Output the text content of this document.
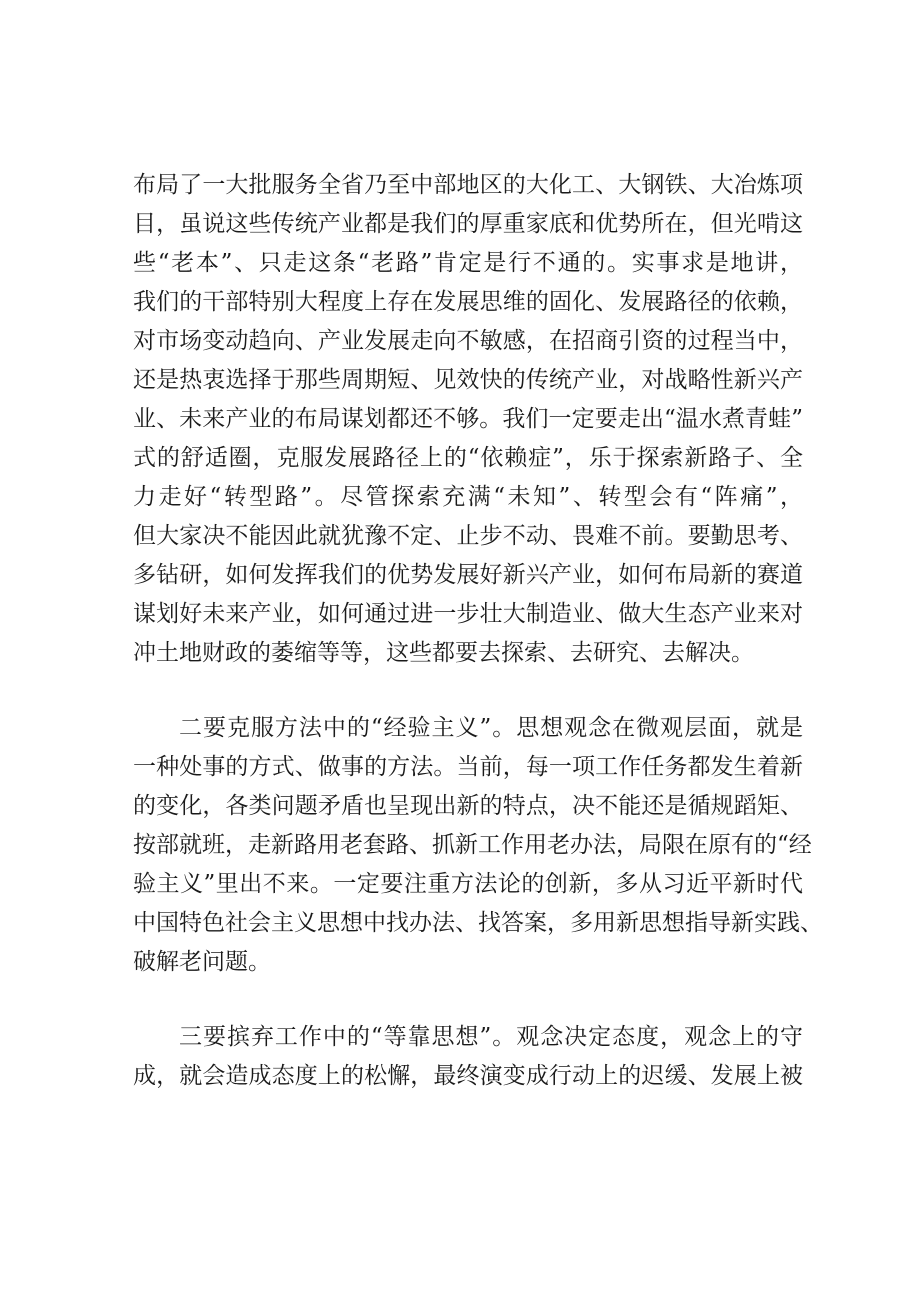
布局了一大批服务全省乃至中部地区的大化工、大钢铁、大冶炼项
目，虽说这些传统产业都是我们的厚重家底和优势所在，但光啃这
些“老本”、只走这条“老路”肯定是行不通的。实事求是地讲，
我们的干部特别大程度上存在发展思维的固化、发展路径的依赖，
对市场变动趋向、产业发展走向不敏感，在招商引资的过程当中，
还是热衷选择于那些周期短、见效快的传统产业，对战略性新兴产
业、未来产业的布局谋划都还不够。我们一定要走出“温水煮青蛙”
式的舒适圈，克服发展路径上的“依赖症”，乐于探索新路子、全
力走好“转型路”。尽管探索充满“未知”、转型会有“阵痛”，
但大家决不能因此就犹豫不定、止步不动、畏难不前。要勤思考、
多钻研，如何发挥我们的优势发展好新兴产业，如何布局新的赛道
谋划好未来产业，如何通过进一步壮大制造业、做大生态产业来对
冲土地财政的萎缩等等，这些都要去探索、去研究、去解决。
二要克服方法中的“经验主义”。思想观念在微观层面，就是
一种处事的方式、做事的方法。当前，每一项工作任务都发生着新
的变化，各类问题矛盾也呈现出新的特点，决不能还是循规蹈矩、
按部就班，走新路用老套路、抓新工作用老办法，局限在原有的“经
验主义”里出不来。一定要注重方法论的创新，多从习近平新时代
中国特色社会主义思想中找办法、找答案，多用新思想指导新实践、
破解老问题。
三要摈弃工作中的“等靠思想”。观念决定态度，观念上的守
成，就会造成态度上的松懈，最终演变成行动上的迟缓、发展上被
